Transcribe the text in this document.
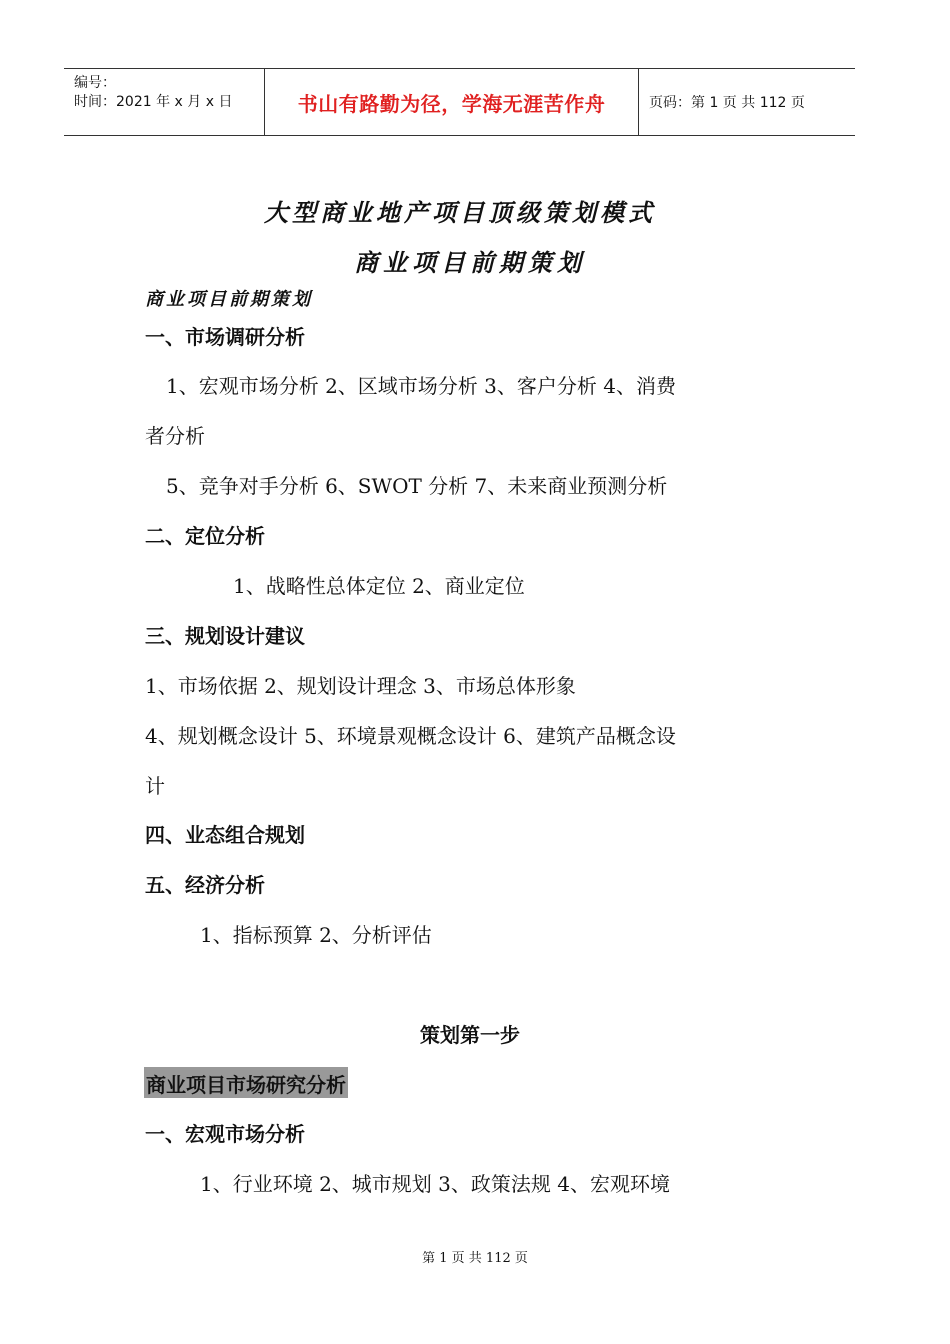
编号：
时间：2021 年 x 月 x 日	书山有路勤为径，学海无涯苦作舟	页码：第 1 页 共 112 页
大型商业地产项目顶级策划模式
商业项目前期策划
商业项目前期策划
一、市场调研分析
1、宏观市场分析 2、区域市场分析 3、客户分析 4、消费
者分析
5、竞争对手分析 6、SWOT 分析 7、未来商业预测分析
二、定位分析
1、战略性总体定位 2、商业定位
三、规划设计建议
1、市场依据 2、规划设计理念 3、市场总体形象
4、规划概念设计 5、环境景观概念设计 6、建筑产品概念设
计
四、业态组合规划
五、经济分析
1、指标预算 2、分析评估
策划第一步
商业项目市场研究分析
一、宏观市场分析
1、行业环境 2、城市规划 3、政策法规 4、宏观环境
第 1 页 共 112 页
